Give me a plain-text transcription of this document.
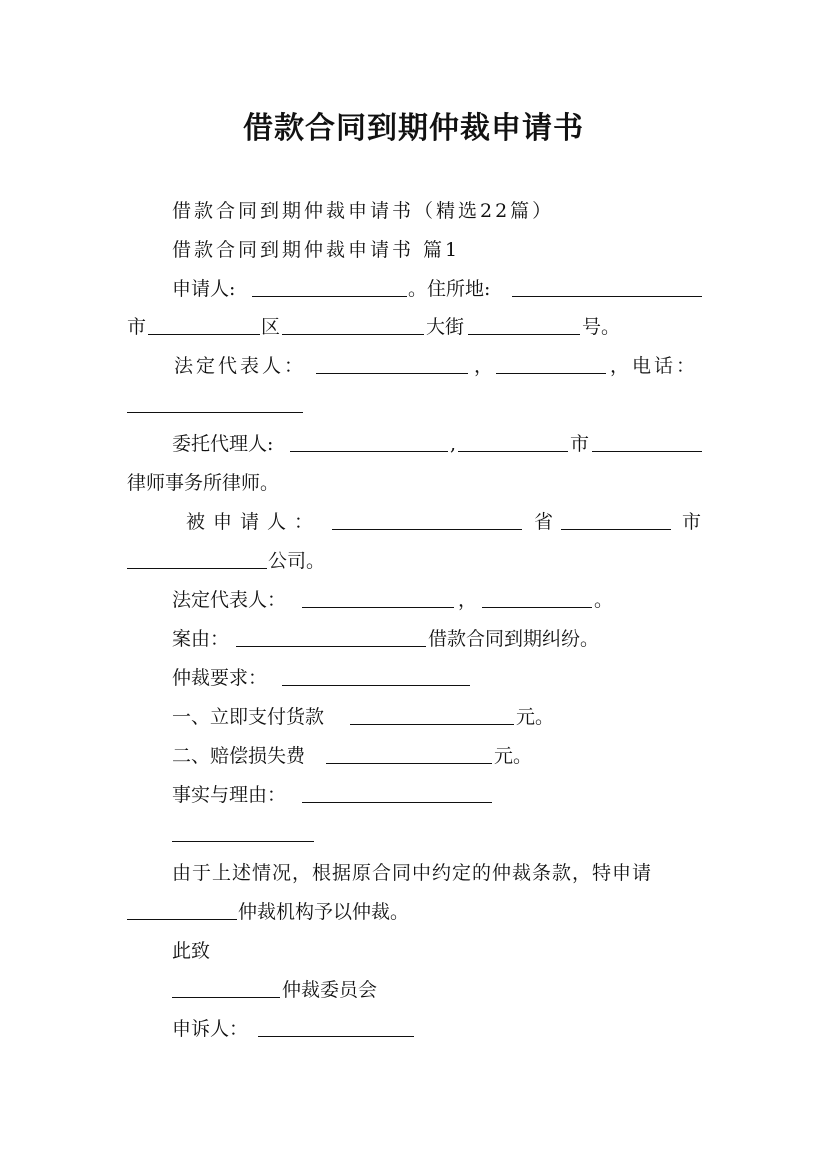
借款合同到期仲裁申请书
借款合同到期仲裁申请书（精选22篇）
借款合同到期仲裁申请书 篇1
申请人:	。住所地:
市	区	大街	号。
法定代表人：	，	，电话：
委托代理人:	,	市
律师事务所律师。
被申请人：	省	市
公司。
法定代表人：	，	。
案由：	借款合同到期纠纷。
仲裁要求：
一、立即支付货款	元。
二、赔偿损失费	元。
事实与理由：
由于上述情况，根据原合同中约定的仲裁条款，特申请
仲裁机构予以仲裁。
此致
仲裁委员会
申诉人：
